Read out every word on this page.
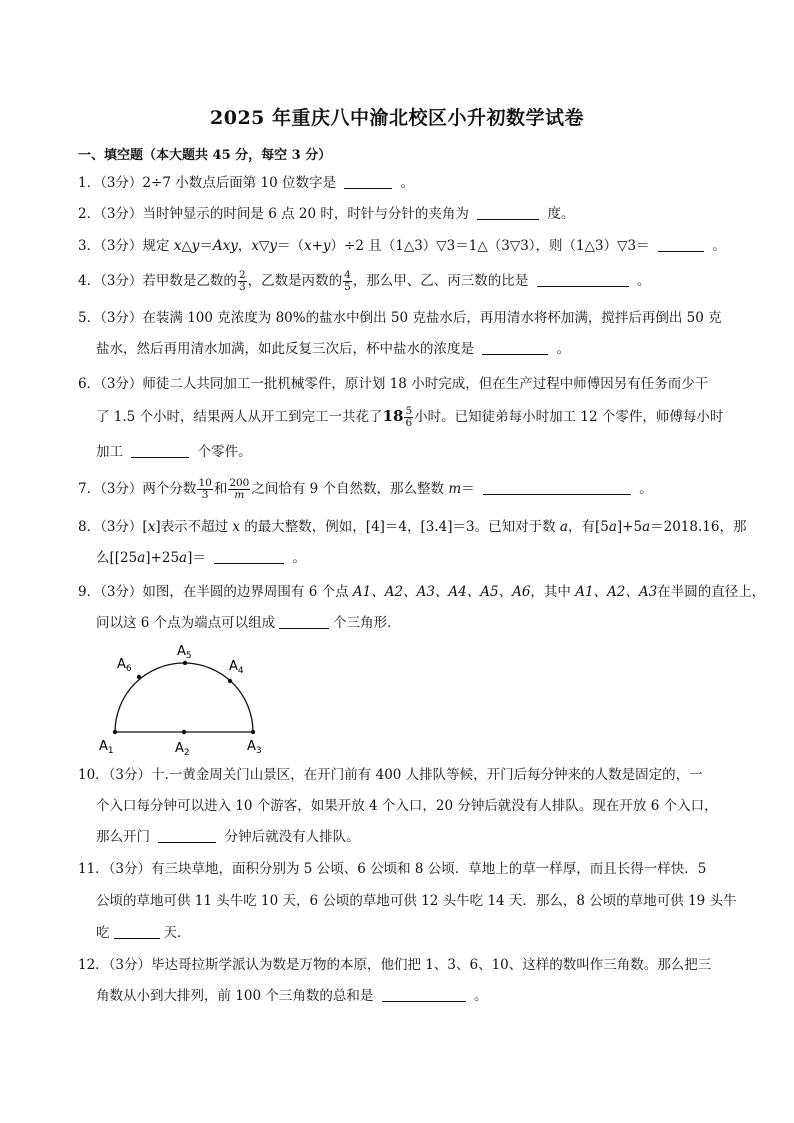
2025 年重庆八中渝北校区小升初数学试卷
一、填空题（本大题共 45 分，每空 3 分）
1．（3分）2÷7 小数点后面第 10 位数字是	。
2．（3分）当时钟显示的时间是 6 点 20 时，时针与分针的夹角为	度。
3．（3分）规定 x△y＝Axy，x▽y＝（x+y）÷2 且（1△3）▽3＝1△（3▽3），则（1△3）▽3＝	。
4．（3分）若甲数是乙数的 $\frac{2}{3}$ ，乙数是丙数的 $\frac{4}{5}$ ，那么甲、乙、丙三数的比是	。
5．（3分）在装满 100 克浓度为 80%的盐水中倒出 50 克盐水后，再用清水将杯加满，搅拌后再倒出 50 克
盐水，然后再用清水加满，如此反复三次后，杯中盐水的浓度是	。
6．（3分）师徒二人共同加工一批机械零件，原计划 18 小时完成，但在生产过程中师傅因另有任务而少干
了 1.5 个小时，结果两人从开工到完工一共花了$18 \frac{5}{6}$ 小时。已知徒弟每小时加工 12 个零件，师傅每小时
加工	个零件。
7．（3分）两个分数 $\frac{10}{3}$ 和 $\frac{200}{m}$ 之间恰有 9 个自然数，那么整数 m＝	。
8．（3分）[x]表示不超过 x 的最大整数，例如，[4]＝4，[3.4]＝3。已知对于数 a，有[5a]+5a＝2018.16，那
么[[25a]+25a]＝	。
9．（3分）如图，在半圆的边界周围有 6 个点 A1、A2、A3、A4、A5、A6，其中 A1、A2、A3在半圆的直径上，
问以这 6 个点为端点可以组成	个三角形．
$A_1$	$A_2$	$A_3$
$A_4$
$A_5$
$A_6$
10．（3分）十.一黄金周关门山景区，在开门前有 400 人排队等候，开门后每分钟来的人数是固定的，一
个入口每分钟可以进入 10 个游客，如果开放 4 个入口，20 分钟后就没有人排队。现在开放 6 个入口，
那么开门	分钟后就没有人排队。
11．（3分）有三块草地，面积分别为 5 公顷、6 公顷和 8 公顷．草地上的草一样厚，而且长得一样快．5
公顷的草地可供 11 头牛吃 10 天，6 公顷的草地可供 12 头牛吃 14 天．那么，8 公顷的草地可供 19 头牛
吃	天．
12．（3分）毕达哥拉斯学派认为数是万物的本原，他们把 1、3、6、10、这样的数叫作三角数。那么把三
角数从小到大排列，前 100 个三角数的总和是	。
